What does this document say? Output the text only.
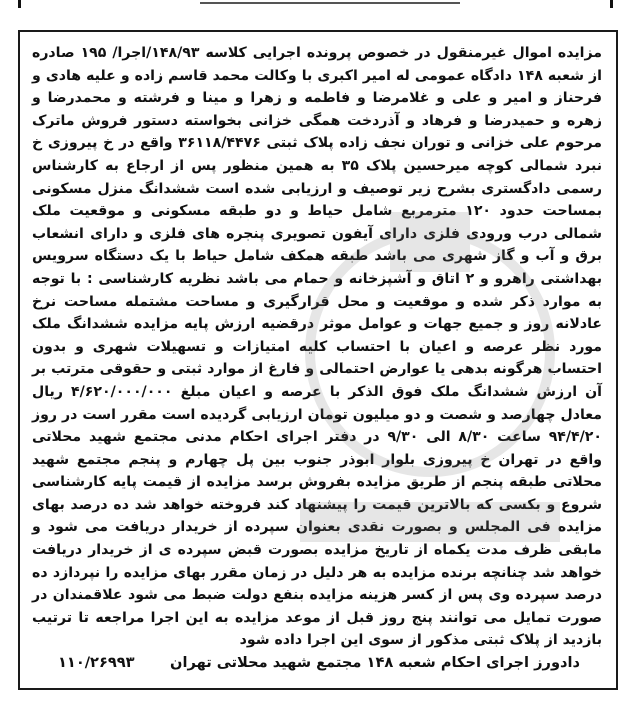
مزایده اموال غیرمنقول در خصوص پرونده اجرایی کلاسه ۱۴۸/۹۳/اجرا/ ۱۹۵ صادره از شعبه ۱۴۸ دادگاه عمومی له امیر اکبری با وکالت محمد قاسم زاده و علیه هادی و فرحناز و امیر و علی و غلامرضا و فاطمه و زهرا و مینا و فرشته و محمدرضا و زهره و حمیدرضا و فرهاد و آذردخت همگی خزانی بخواسته دستور فروش ماترک مرحوم علی خزانی و توران نجف زاده پلاک ثبتی ۳۶۱۱۸/۴۴۷۶ واقع در خ پیروزی خ نبرد شمالی کوچه میرحسین پلاک ۳۵ به همین منظور پس از ارجاع به کارشناس رسمی دادگستری بشرح زیر توصیف و ارزیابی شده است ششدانگ منزل مسکونی بمساحت حدود ۱۲۰ مترمربع شامل حیاط و دو طبقه مسکونی و موقعیت ملک شمالی درب ورودی فلزی دارای آیفون تصویری پنجره های فلزی و دارای انشعاب برق و آب و گاز شهری می باشد طبقه همکف شامل حیاط با یک دستگاه سرویس بهداشتی راهرو و ۲ اتاق و آشپزخانه و حمام می باشد نظریه کارشناسی : با توجه به موارد ذکر شده و موقعیت و محل قرارگیری و مساحت مشتمله مساحت نرخ عادلانه روز و جمیع جهات و عوامل موثر درقضیه ارزش پایه مزایده ششدانگ ملک مورد نظر عرصه و اعیان با احتساب کلیه امتیازات و تسهیلات شهری و بدون احتساب هرگونه بدهی یا عوارض احتمالی و فارغ از موارد ثبتی و حقوقی مترتب بر آن ارزش ششدانگ ملک فوق الذکر با عرصه و اعیان مبلغ ۴/۶۲۰/۰۰۰/۰۰۰ ریال معادل چهارصد و شصت و دو میلیون تومان ارزیابی گردیده است مقرر است در روز ۹۴/۴/۲۰ ساعت ۸/۳۰ الی ۹/۳۰ در دفتر اجرای احکام مدنی مجتمع شهید محلاتی واقع در تهران خ پیروزی بلوار ابوذر جنوب بین پل چهارم و پنجم مجتمع شهید محلاتی طبقه پنجم از طریق مزایده بفروش برسد مزایده از قیمت پایه کارشناسی شروع و بکسی که بالاترین قیمت را پیشنهاد کند فروخته خواهد شد ده درصد بهای مزایده فی المجلس و بصورت نقدی بعنوان سپرده از خریدار دریافت می شود و مابقی ظرف مدت یکماه از تاریخ مزایده بصورت قبض سپرده ی از خریدار دریافت خواهد شد چنانچه برنده مزایده به هر دلیل در زمان مقرر بهای مزایده را نپردازد ده درصد سپرده وی پس از کسر هزینه مزایده بنفع دولت ضبط می شود علاقمندان در صورت تمایل می توانند پنج روز قبل از موعد مزایده به این اجرا مراجعه تا ترتیب بازدید از پلاک ثبتی مذکور از سوی این اجرا داده شود

دادورز اجرای احکام شعبه ۱۴۸ مجتمع شهید محلاتی تهران
۱۱۰/۲۶۹۹۳
